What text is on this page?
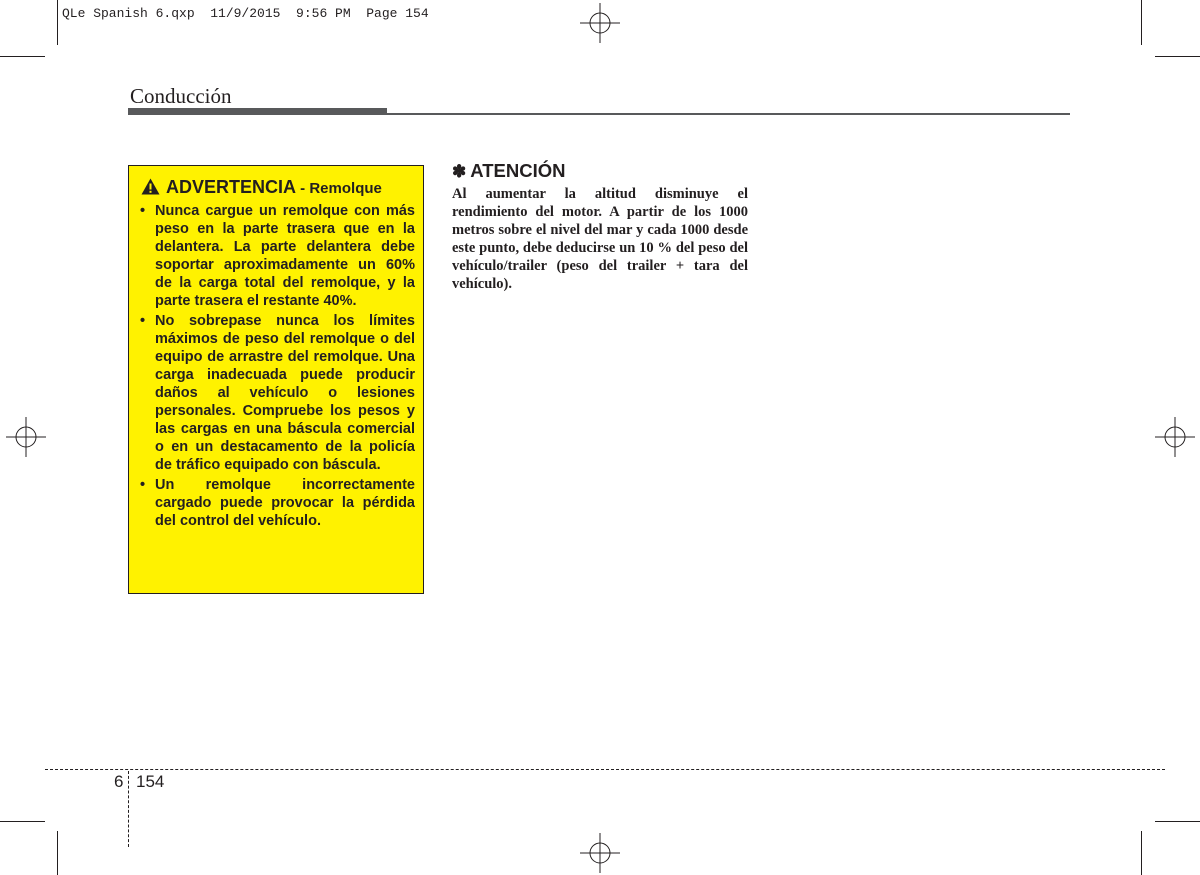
QLe Spanish 6.qxp  11/9/2015  9:56 PM  Page 154
Conducción
ADVERTENCIA - Remolque
• Nunca cargue un remolque con más peso en la parte trasera que en la delantera. La parte delantera debe soportar aproximadamente un 60% de la carga total del remolque, y la parte trasera el restante 40%.
• No sobrepase nunca los límites máximos de peso del remolque o del equipo de arrastre del remolque. Una carga inadecuada puede producir daños al vehículo o lesiones personales. Compruebe los pesos y las cargas en una báscula comercial o en un destacamento de la policía de tráfico equipado con báscula.
• Un remolque incorrectamente cargado puede provocar la pérdida del control del vehículo.
✽ ATENCIÓN
Al aumentar la altitud disminuye el rendimiento del motor. A partir de los 1000 metros sobre el nivel del mar y cada 1000 desde este punto, debe deducirse un 10 % del peso del vehículo/trailer (peso del trailer + tara del vehículo).
6 154
